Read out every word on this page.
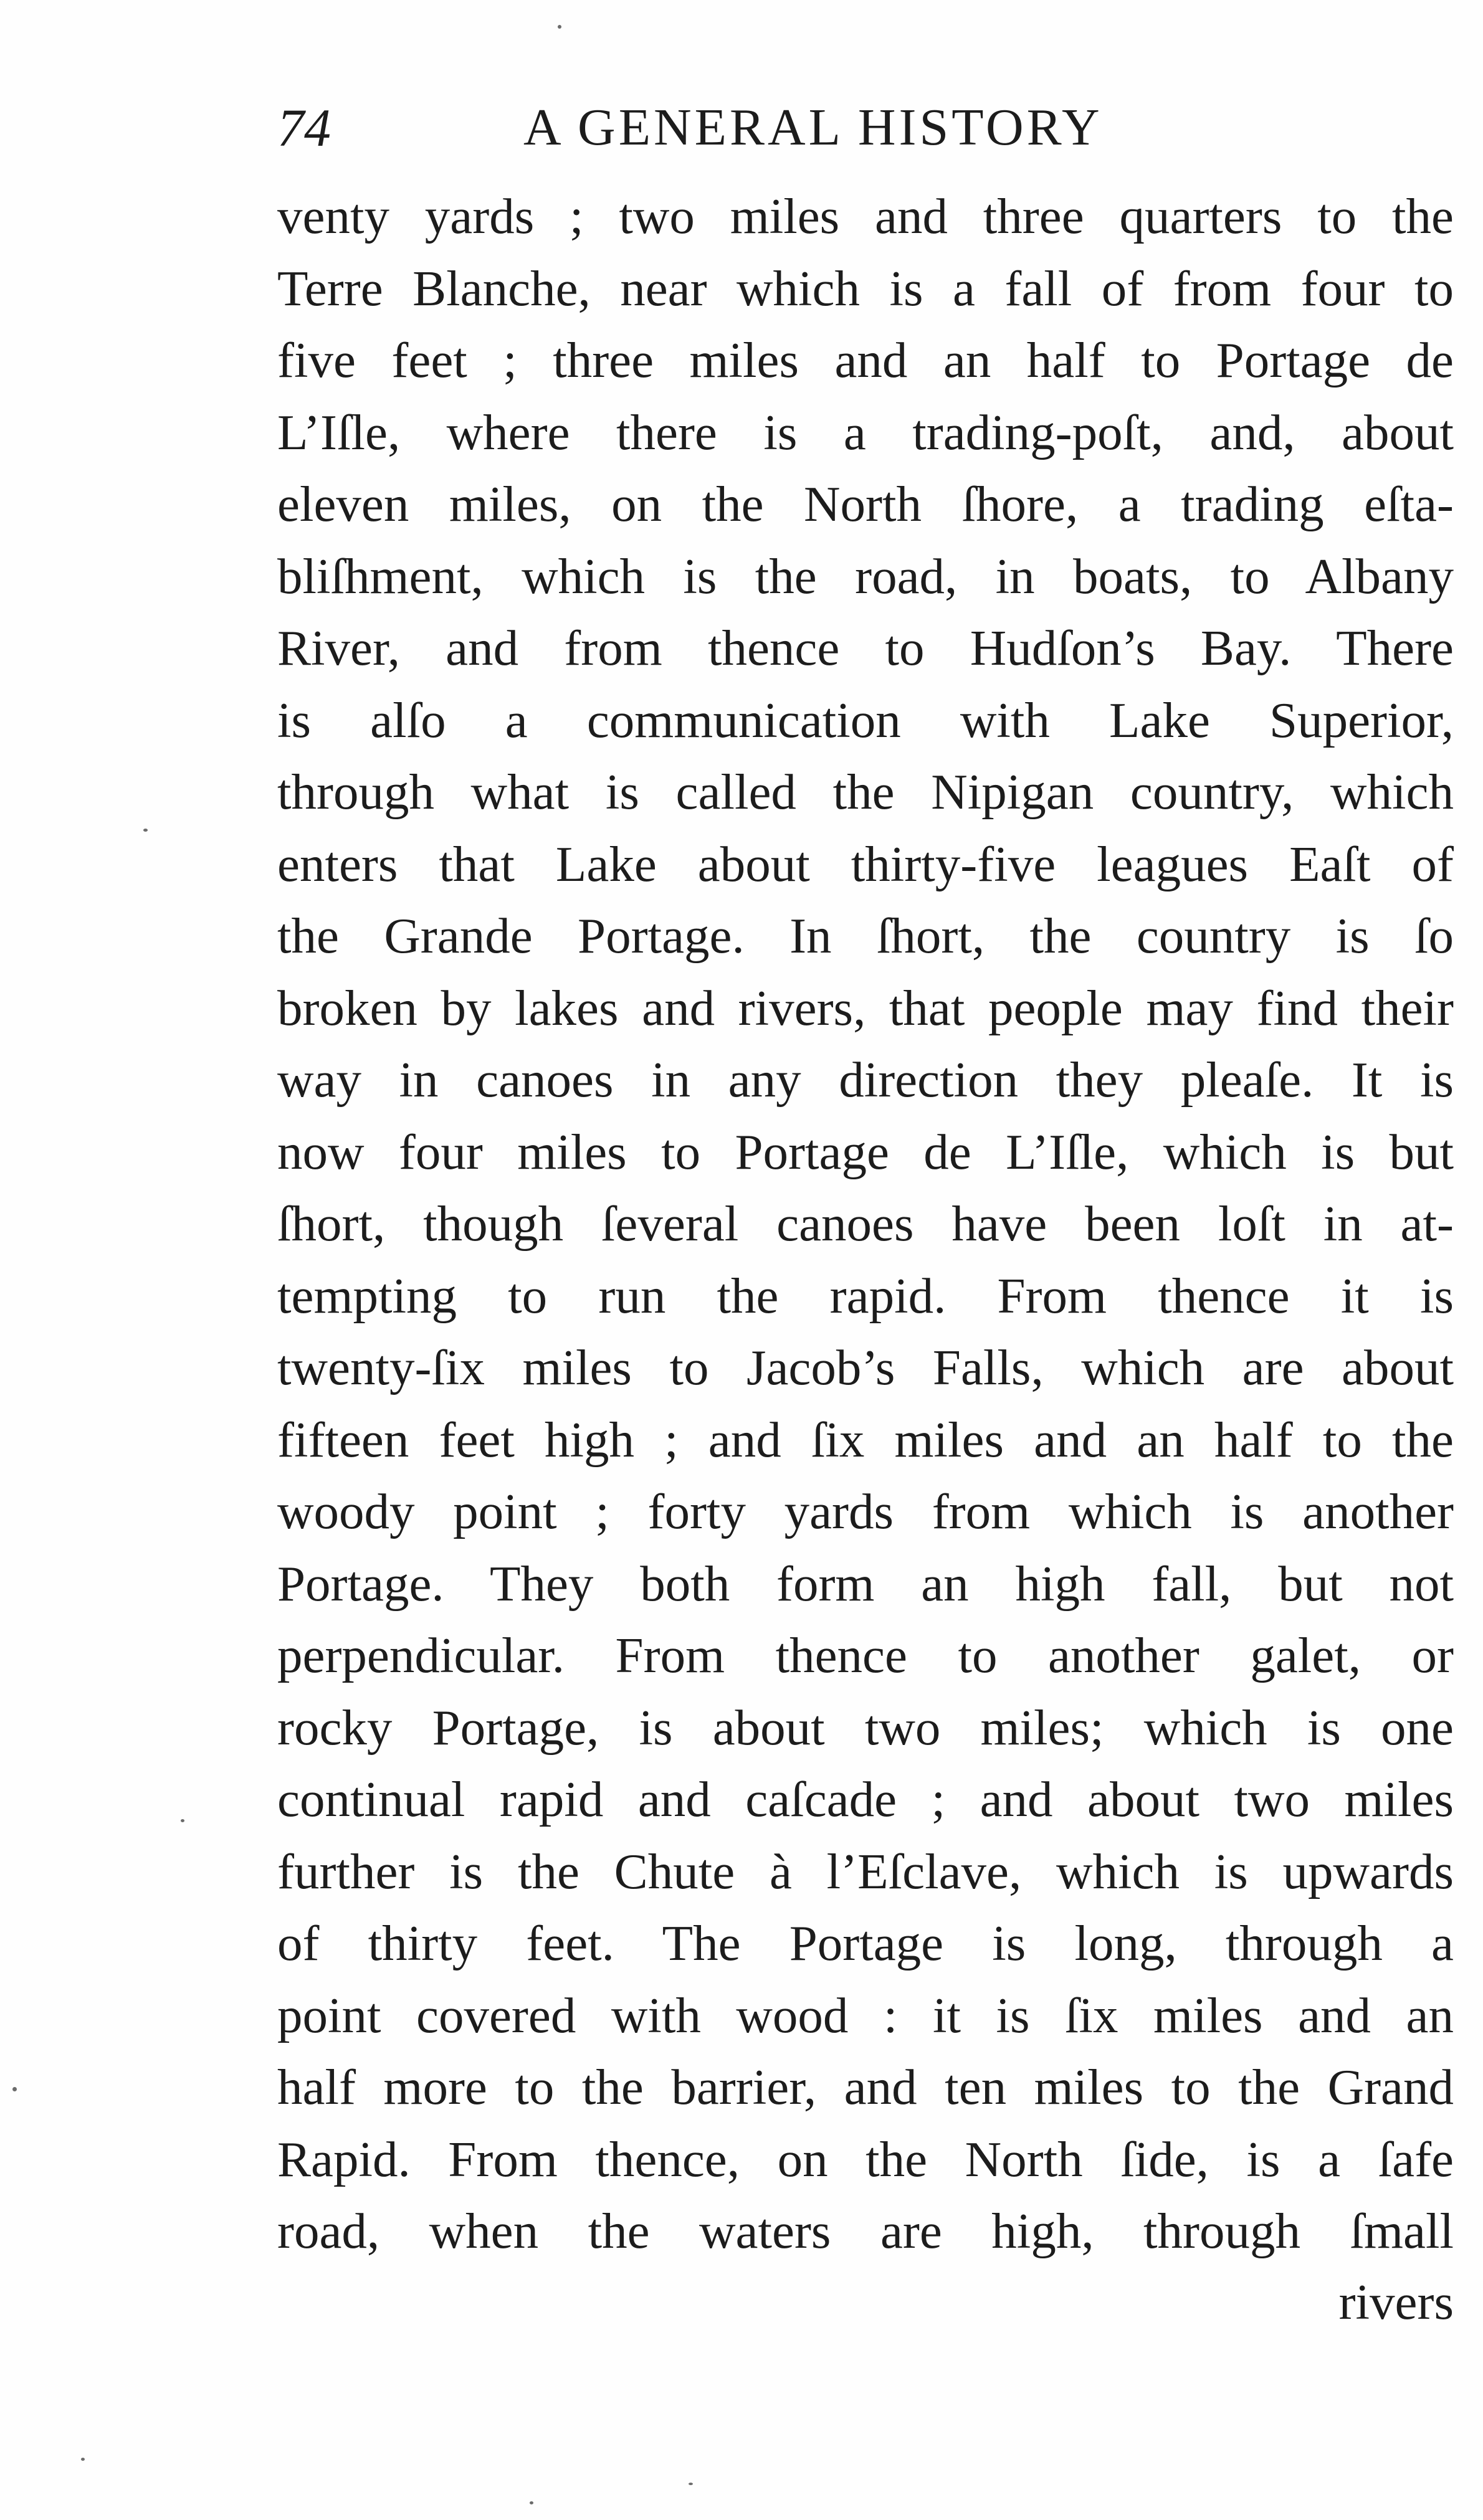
74	A GENERAL HISTORY
venty yards ; two miles and three quarters to the
Terre Blanche, near which is a fall of from four to
five feet ; three miles and an half to Portage de
L’Iſle, where there is a trading-poſt, and, about
eleven miles, on the North ſhore, a trading eſta-
bliſhment, which is the road, in boats, to Albany
River, and from thence to Hudſon’s Bay. There
is alſo a communication with Lake Superior,
through what is called the Nipigan country, which
enters that Lake about thirty-five leagues Eaſt of
the Grande Portage. In ſhort, the country is ſo
broken by lakes and rivers, that people may find their
way in canoes in any direction they pleaſe. It is
now four miles to Portage de L’Iſle, which is but
ſhort, though ſeveral canoes have been loſt in at-
tempting to run the rapid. From thence it is
twenty-ſix miles to Jacob’s Falls, which are about
fifteen feet high ; and ſix miles and an half to the
woody point ; forty yards from which is another
Portage. They both form an high fall, but not
perpendicular. From thence to another galet, or
rocky Portage, is about two miles; which is one
continual rapid and caſcade ; and about two miles
further is the Chute à l’Eſclave, which is upwards
of thirty feet. The Portage is long, through a
point covered with wood : it is ſix miles and an
half more to the barrier, and ten miles to the Grand
Rapid. From thence, on the North ſide, is a ſafe
road, when the waters are high, through ſmall
rivers
